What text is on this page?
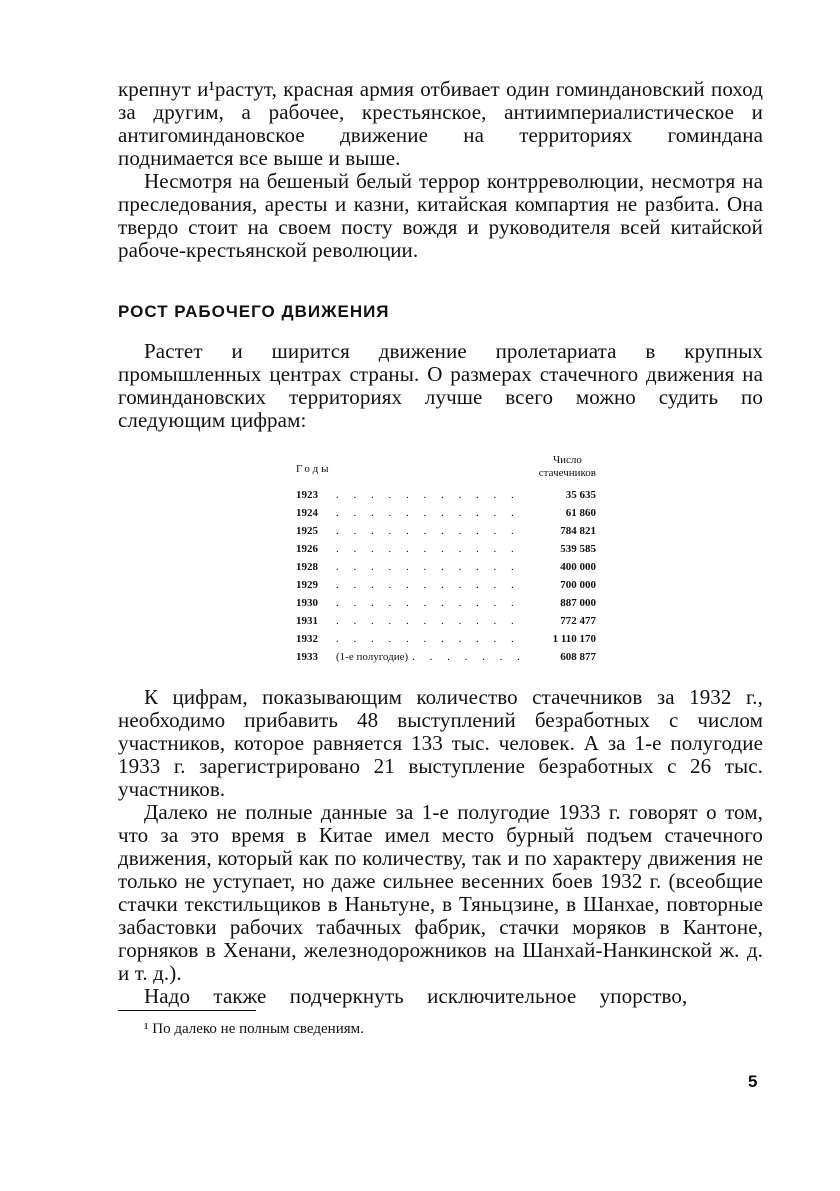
крепнут и¹растут, красная армия отбивает один гоминдановский поход за другим, а рабочее, крестьянское, антиимпериалистическое и антигоминдановское движение на территориях гоминдана поднимается все выше и выше.

Несмотря на бешеный белый террор контрреволюции, несмотря на преследования, аресты и казни, китайская компартия не разбита. Она твердо стоит на своем посту вождя и руководителя всей китайской рабоче-крестьянской революции.

РОСТ РАБОЧЕГО ДВИЖЕНИЯ

Растет и ширится движение пролетариата в крупных промышленных центрах страны. О размерах стачечного движения на гоминдановских территориях лучше всего можно судить по следующим цифрам:

Годы
Число
стачечников
1923 . . .	35 635
1924 . . .	61 860
1925 . . .	784 821
1926 . . .	539 585
1928 . . .	400 000
1929 . . .	700 000
1930 . . .	887 000
1931 . . .	772 477
1932 . . .	1 110 170
1933	(1-е полугодие) . . .	608 877

К цифрам, показывающим количество стачечников за 1932 г., необходимо прибавить 48 выступлений безработных с числом участников, которое равняется 133 тыс. человек. А за 1-е полугодие 1933 г. зарегистрировано 21 выступление безработных с 26 тыс. участников.

Далеко не полные данные за 1-е полугодие 1933 г. говорят о том, что за это время в Китае имел место бурный подъем стачечного движения, который как по количеству, так и по характеру движения не только не уступает, но даже сильнее весенних боев 1932 г. (всеобщие стачки текстильщиков в Наньтуне, в Тяньцзине, в Шанхае, повторные забастовки рабочих табачных фабрик, стачки моряков в Кантоне, горняков в Хенани, железнодорожников на Шанхай-Нанкинской ж. д. и т. д.).

Надо также подчеркнуть исключительное упорство,

¹ По далеко не полным сведениям.
5
